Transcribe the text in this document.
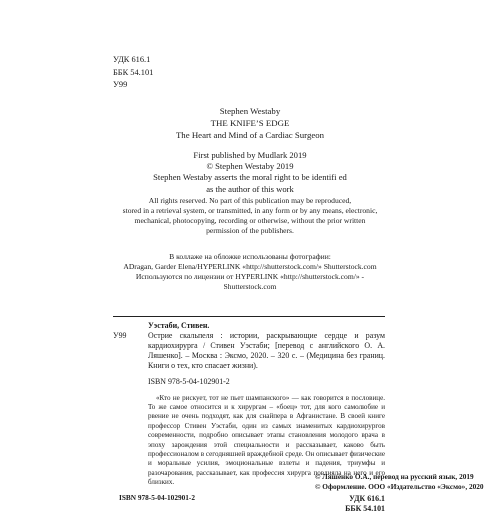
УДК 616.1
ББК 54.101
У99
Stephen Westaby
THE KNIFE’S EDGE
The Heart and Mind of a Cardiac Surgeon
First published by Mudlark 2019
© Stephen Westaby 2019
Stephen Westaby asserts the moral right to be identifi ed
as the author of this work
All rights reserved. No part of this publication may be reproduced,
stored in a retrieval system, or transmitted, in any form or by any means, electronic,
mechanical, photocopying, recording or otherwise, without the prior written
permission of the publishers.
В коллаже на обложке использованы фотографии:
ADragan, Garder Elena/HYPERLINK «http://shutterstock.com/» Shutterstock.com
Используются по лицензии от HYPERLINK «http://shutterstock.com/» -
Shutterstock.com
Уэстаби, Стивен.
У99	Острие скальпеля : истории, раскрывающие сердце и разум кардиохирурга / Стивен Уэстаби; [перевод с английского О. А. Ляшенко]. – Москва : Эксмо, 2020. – 320 с. – (Медицина без границ. Книги о тех, кто спасает жизни).
ISBN 978-5-04-102901-2
«Кто не рискует, тот не пьет шампанского» — как говорится в пословице. То же самое относится и к хирургам – «боец» тот, для кого самолюбие и рвение не очень подходят, как для снайпера в Афганистане. В своей книге профессор Стивен Уэстаби, один из самых знаменитых кардиохирургов современности, подробно описывает этапы становления молодого врача в эпоху зарождения этой специальности и рассказывает, каково быть профессионалом в сегодняшней враждебной среде. Он описывает физические и моральные усилия, эмоциональные взлеты и падения, триумфы и разочарования, рассказывает, как профессия хирурга повлияла на него и его близких.
УДК 616.1
ББК 54.101
ISBN 978-5-04-102901-2
© Ляшенко О.А., перевод на русский язык, 2019
© Оформление. ООО «Издательство «Эксмо», 2020
